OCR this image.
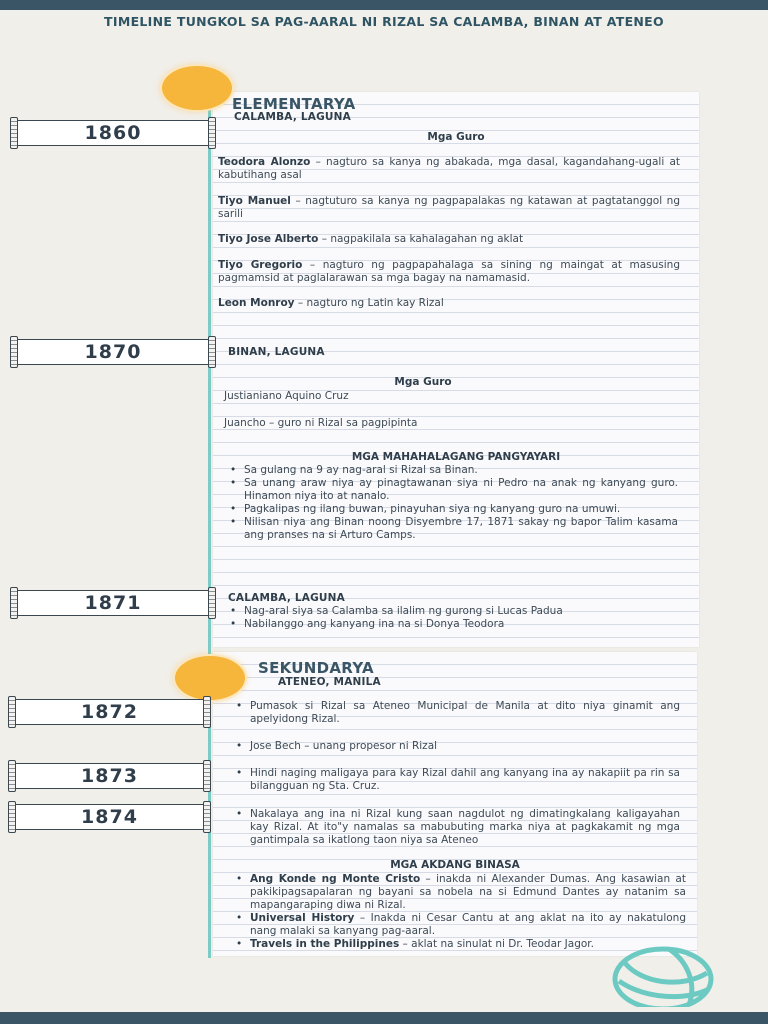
TIMELINE TUNGKOL SA PAG-AARAL NI RIZAL SA CALAMBA, BINAN AT ATENEO
1860
1870
1871
1872
1873
1874
ELEMENTARYA
CALAMBA, LAGUNA
Mga Guro
Teodora Alonzo – nagturo sa kanya ng abakada, mga dasal, kagandahang-ugali at kabutihang asal
Tiyo Manuel – nagtuturo sa kanya ng pagpapalakas ng katawan at pagtatanggol ng sarili
Tiyo Jose Alberto – nagpakilala sa kahalagahan ng aklat
Tiyo Gregorio – nagturo ng pagpapahalaga sa sining ng maingat at masusing pagmamsid at paglalarawan sa mga bagay na namamasid.
Leon Monroy – nagturo ng Latin kay Rizal
BINAN, LAGUNA
Mga Guro
Justianiano Aquino Cruz
Juancho – guro ni Rizal sa pagpipinta
MGA MAHAHALAGANG PANGYAYARI
• Sa gulang na 9 ay nag-aral si Rizal sa Binan.
• Sa unang araw niya ay pinagtawanan siya ni Pedro na anak ng kanyang guro. Hinamon niya ito at nanalo.
• Pagkalipas ng ilang buwan, pinayuhan siya ng kanyang guro na umuwi.
• Nilisan niya ang Binan noong Disyembre 17, 1871 sakay ng bapor Talim kasama ang pranses na si Arturo Camps.
CALAMBA, LAGUNA
• Nag-aral siya sa Calamba sa ilalim ng gurong si Lucas Padua
• Nabilanggo ang kanyang ina na si Donya Teodora
SEKUNDARYA
ATENEO, MANILA
• Pumasok si Rizal sa Ateneo Municipal de Manila at dito niya ginamit ang apelyidong Rizal.
• Jose Bech – unang propesor ni Rizal
• Hindi naging maligaya para kay Rizal dahil ang kanyang ina ay nakapiit pa rin sa bilangguan ng Sta. Cruz.
• Nakalaya ang ina ni Rizal kung saan nagdulot ng dimatingkalang kaligayahan kay Rizal. At ito"y namalas sa mabubuting marka niya at pagkakamit ng mga gantimpala sa ikatlong taon niya sa Ateneo
MGA AKDANG BINASA
• Ang Konde ng Monte Cristo – inakda ni Alexander Dumas. Ang kasawian at pakikipagsapalaran ng bayani sa nobela na si Edmund Dantes ay natanim sa mapangaraping diwa ni Rizal.
• Universal History – Inakda ni Cesar Cantu at ang aklat na ito ay nakatulong nang malaki sa kanyang pag-aaral.
• Travels in the Philippines – aklat na sinulat ni Dr. Teodar Jagor.
